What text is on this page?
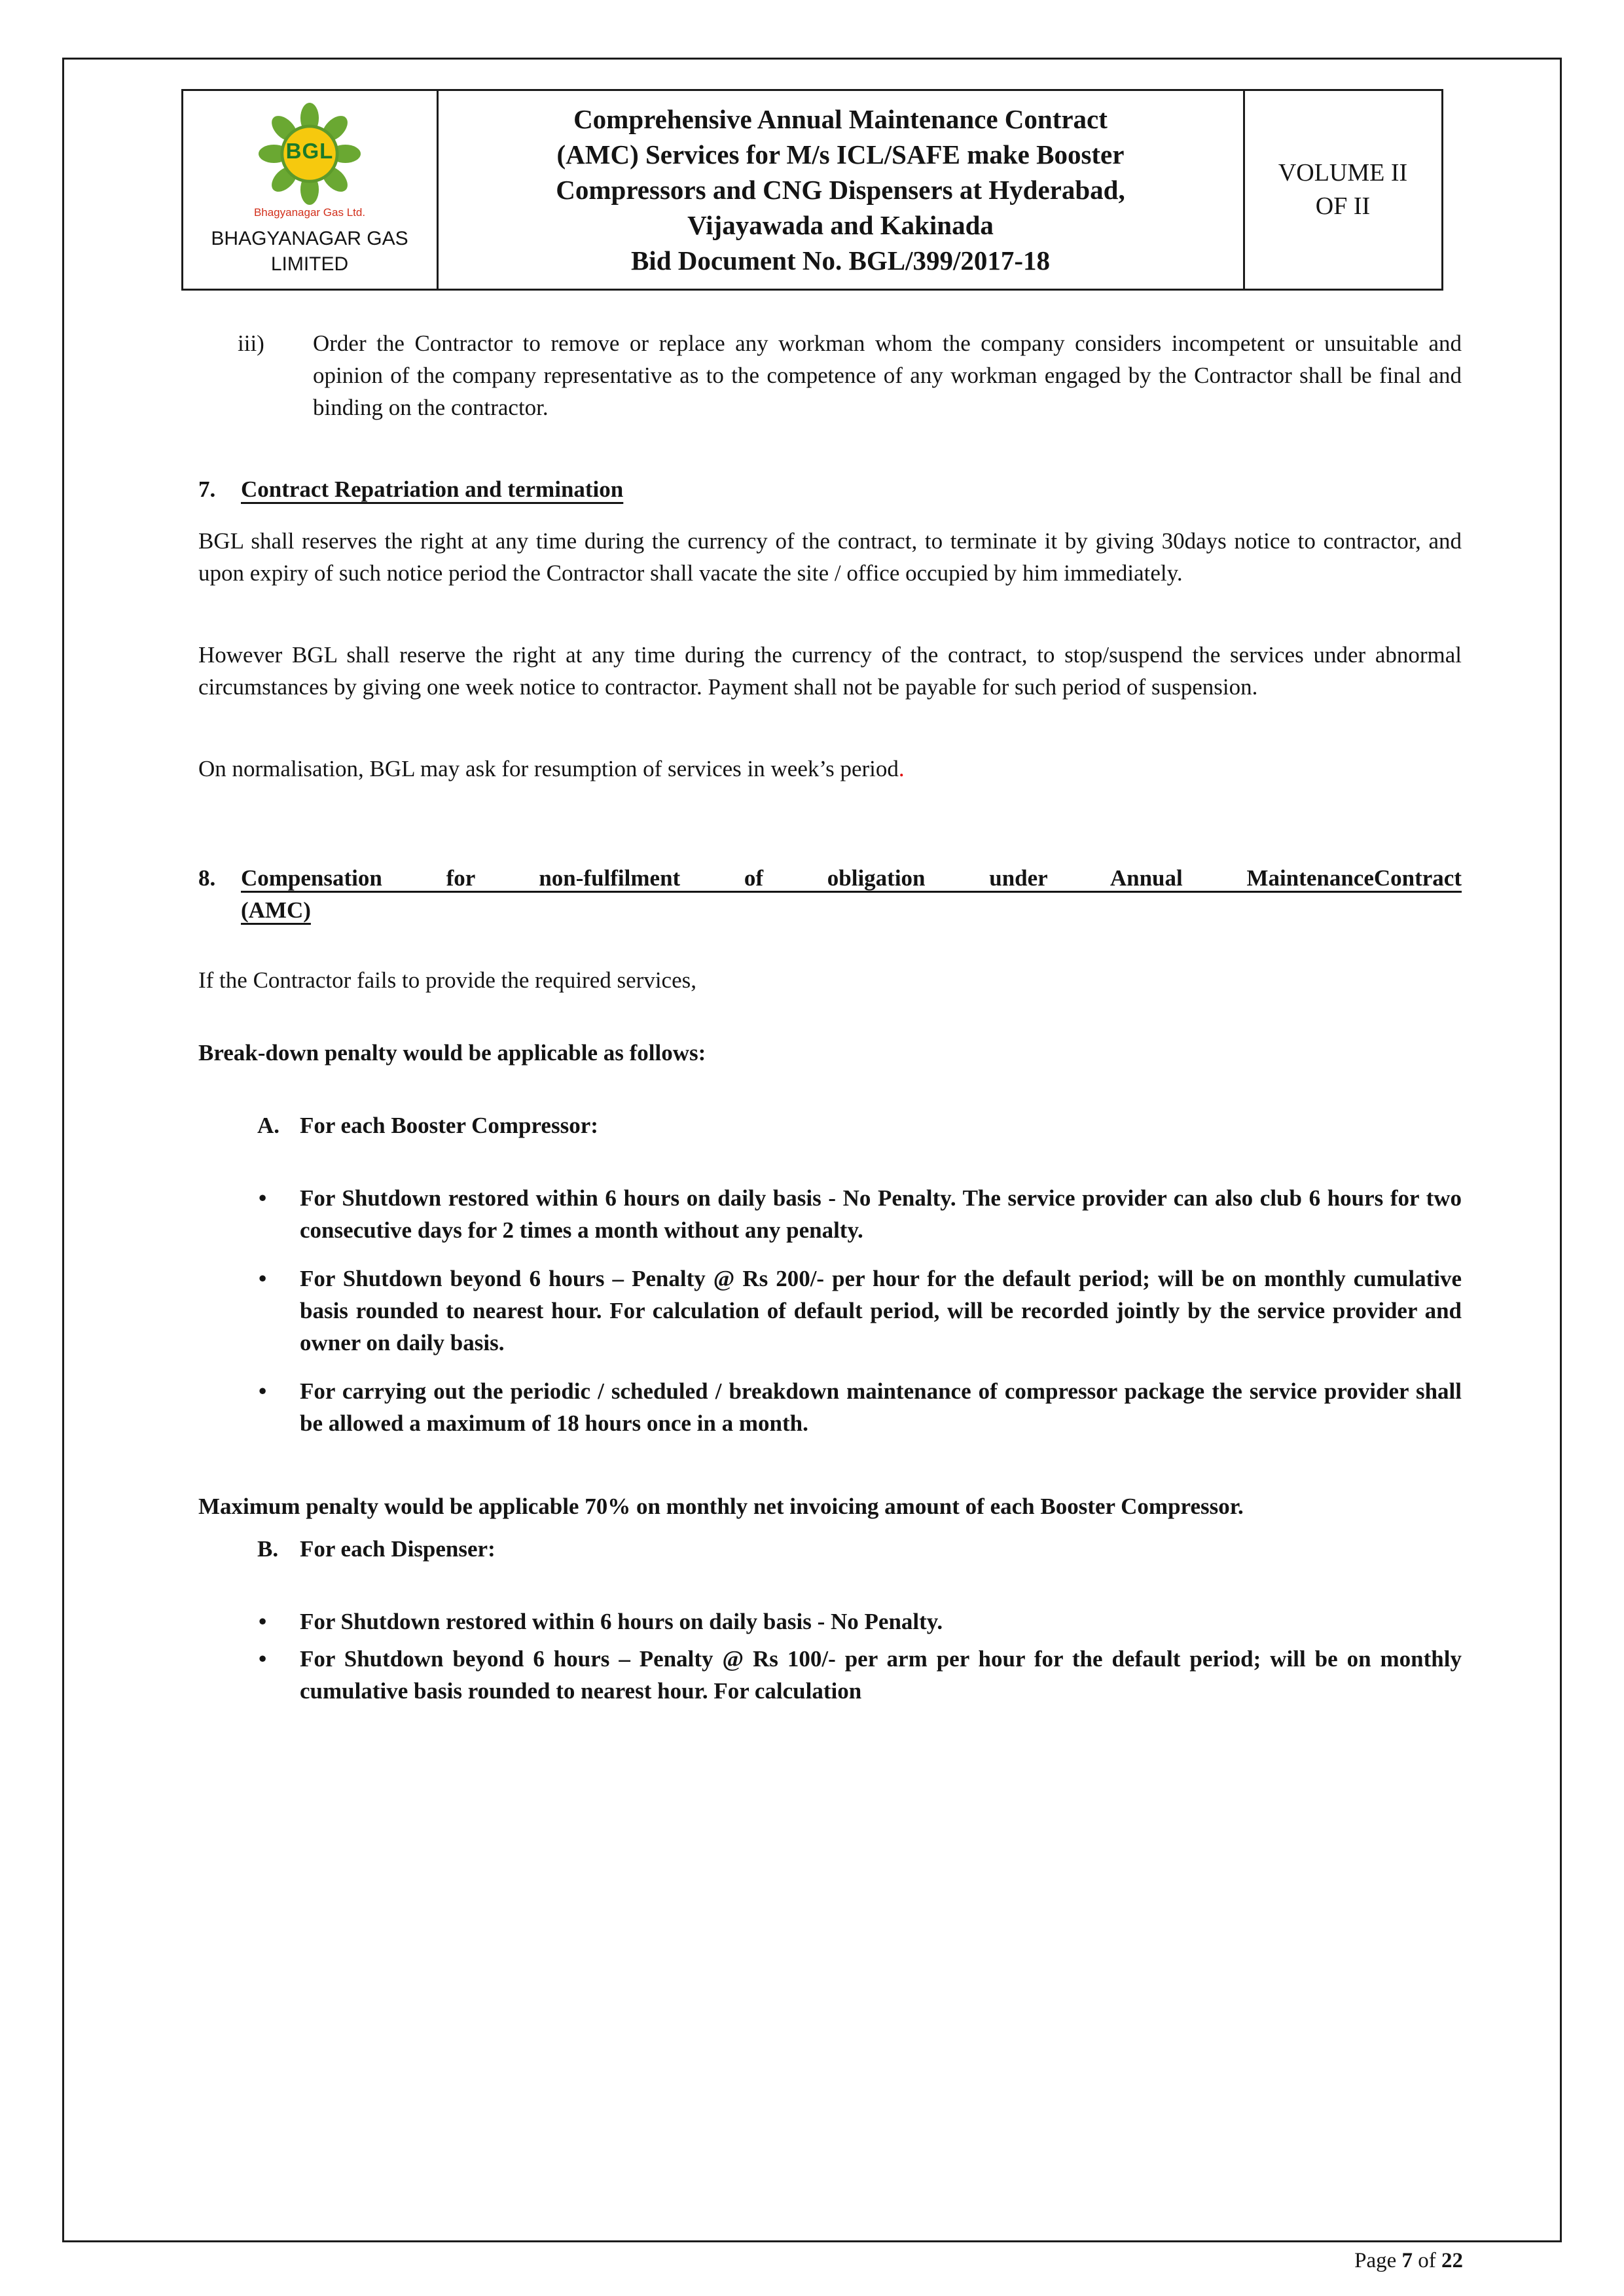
BGL
Bhagyanagar Gas Ltd.
BHAGYANAGAR GAS
LIMITED

Comprehensive Annual Maintenance Contract
(AMC) Services for M/s ICL/SAFE make Booster
Compressors and CNG Dispensers at Hyderabad,
Vijayawada and Kakinada
Bid Document No. BGL/399/2017-18

VOLUME II
OF II
iii)	Order the Contractor to remove or replace any workman whom the company considers incompetent or unsuitable and opinion of the company representative as to the competence of any workman engaged by the Contractor shall be final and binding on the contractor.
7.	Contract Repatriation and termination

BGL shall reserves the right at any time during the currency of the contract, to terminate it by giving 30days notice to contractor, and upon expiry of such notice period the Contractor shall vacate the site / office occupied by him immediately.

However BGL shall reserve the right at any time during the currency of the contract, to stop/suspend the services under abnormal circumstances by giving one week notice to contractor. Payment shall not be payable for such period of suspension.

On normalisation, BGL may ask for resumption of services in week’s period.

8.	Compensation for non-fulfilment of obligation under Annual MaintenanceContract
(AMC)

If the Contractor fails to provide the required services,

Break-down penalty would be applicable as follows:

A. For each Booster Compressor:
•	For Shutdown restored within 6 hours on daily basis - No Penalty. The service provider can also club 6 hours for two consecutive days for 2 times a month without any penalty.
•	For Shutdown beyond 6 hours – Penalty @ Rs 200/- per hour for the default period; will be on monthly cumulative basis rounded to nearest hour. For calculation of default period, will be recorded jointly by the service provider and owner on daily basis.
•	For carrying out the periodic / scheduled / breakdown maintenance of compressor package the service provider shall be allowed a maximum of 18 hours once in a month.

Maximum penalty would be applicable 70% on monthly net invoicing amount of each Booster Compressor.

B. For each Dispenser:
•	For Shutdown restored within 6 hours on daily basis - No Penalty.
•	For Shutdown beyond 6 hours – Penalty @ Rs 100/- per arm per hour for the default period; will be on monthly cumulative basis rounded to nearest hour. For calculation
Page 7 of 22
